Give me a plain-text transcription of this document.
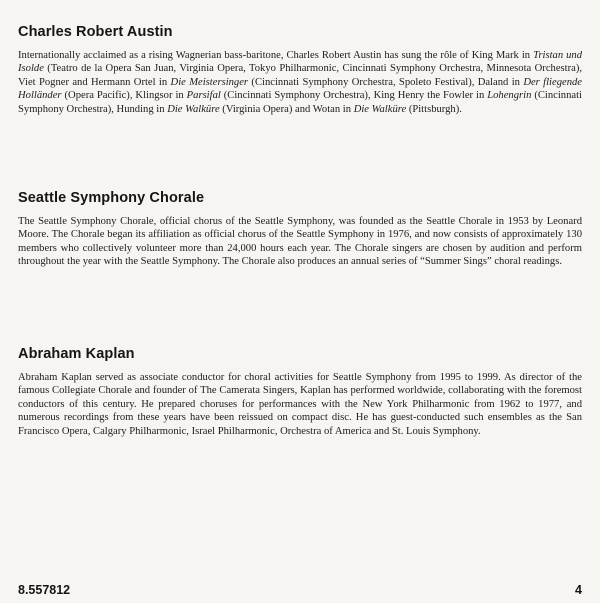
Charles Robert Austin

Internationally acclaimed as a rising Wagnerian bass-baritone, Charles Robert Austin has sung the rôle of King Mark in Tristan und Isolde (Teatro de la Opera San Juan, Virginia Opera, Tokyo Philharmonic, Cincinnati Symphony Orchestra, Minnesota Orchestra), Viet Pogner and Hermann Ortel in Die Meistersinger (Cincinnati Symphony Orchestra, Spoleto Festival), Daland in Der fliegende Holländer (Opera Pacific), Klingsor in Parsifal (Cincinnati Symphony Orchestra), King Henry the Fowler in Lohengrin (Cincinnati Symphony Orchestra), Hunding in Die Walküre (Virginia Opera) and Wotan in Die Walküre (Pittsburgh).

Seattle Symphony Chorale

The Seattle Symphony Chorale, official chorus of the Seattle Symphony, was founded as the Seattle Chorale in 1953 by Leonard Moore. The Chorale began its affiliation as official chorus of the Seattle Symphony in 1976, and now consists of approximately 130 members who collectively volunteer more than 24,000 hours each year. The Chorale singers are chosen by audition and perform throughout the year with the Seattle Symphony. The Chorale also produces an annual series of “Summer Sings” choral readings.

Abraham Kaplan

Abraham Kaplan served as associate conductor for choral activities for Seattle Symphony from 1995 to 1999. As director of the famous Collegiate Chorale and founder of The Camerata Singers, Kaplan has performed worldwide, collaborating with the foremost conductors of this century. He prepared choruses for performances with the New York Philharmonic from 1962 to 1977, and numerous recordings from these years have been reissued on compact disc. He has guest-conducted such ensembles as the San Francisco Opera, Calgary Philharmonic, Israel Philharmonic, Orchestra of America and St. Louis Symphony.

8.557812	4
